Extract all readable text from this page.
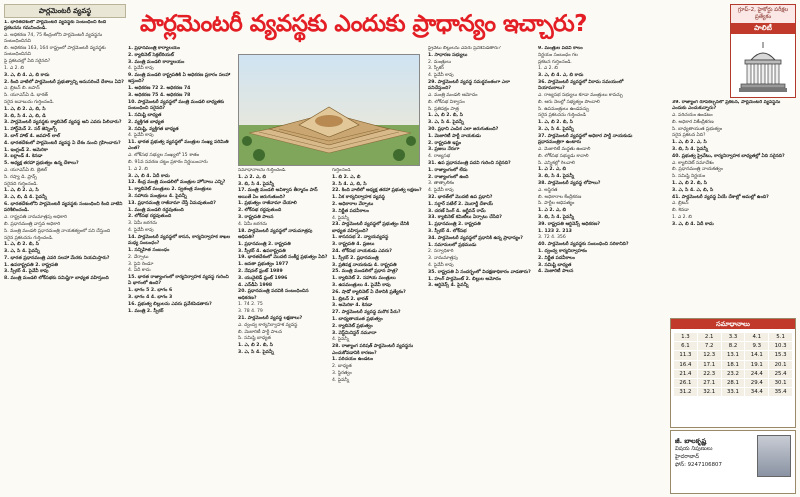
పార్లమెంటరీ వ్యవస్థ	పార్లమెంటరీ వ్యవస్థకు ఎందుకు ప్రాధాన్యం ఇచ్చారు?
గ్రూప్-2, హైకోర్టు పరీక్షల ప్రత్యేకం
పాలిటీ

1. భారతదేశంలో పార్లమెంటరీ వ్యవస్థకు సంబంధించి కింది ప్రకటనను గమనించండి.

ఎ. అధికరణ 74, 75 కేంద్రంలోని పార్లమెంటరీ వ్యవస్థను సంబంధించినవి

బి. అధికరణ 163, 164 రాష్ట్రంలో పార్లమెంటరీ వ్యవస్థకు సంబంధించినవి

పై ప్రకటనల్లో ఏది సరైనది?

1. ఎ 2. బి

3. ఎ, బి 4. ఎ, బి కాదు

2. కింది వాటిలో పార్లమెంటరీ ప్రభుత్వాన్ని అనుసరించే దేశాలు ఏవి?

ఎ. బ్రిటన్ బి. జపాన్

సి. యూఎస్ఏ డి. భారత్

సరైన జవాబును గుర్తించండి.

1. ఎ, బి 2. ఎ, బి, సి

3. బి, సి 4. ఎ, బి, డి

3. పార్లమెంటరీ వ్యవస్థకు క్యాబినెట్ వ్యవస్థ అని ఎవరు పిలిచారు?

1. హార్డ్‌మెన్ 2. సర్ జెన్నింగ్స్

3. బాగ్ హాట్ 4. జవహర్ లాల్

4. భారతదేశంలో పార్లమెంటరీ వ్యవస్థ ఏ దేశం నుంచి గ్రహించారు?

1. ఇంగ్లండ్ 2. అమెరికా

3. ఐర్లాండ్ 4. కెనడా

5. అధ్యక్ష తరహా ప్రభుత్వం ఉన్న దేశాలు?

ఎ. యూఎస్ఏ బి. బ్రెజిల్

సి. రష్యా డి. ఫ్రాన్స్

సరైనది గుర్తించండి.

1. ఎ, బి 2. ఎ, సి

3. ఎ, బి, డి 4. పైవన్నీ

6. భారతదేశంలోని పార్లమెంటరీ వ్యవస్థకు సంబంధించి కింది వాటిని పరిశీలించండి.

ఎ. రాష్ట్రపతి నామమాత్రపు అధికారి

బి. ప్రధానమంత్రి వాస్తవ అధికారి

సి. మంత్రి మండలి ప్రధానమంత్రి నాయకత్వంలో పని చేస్తుంది

సరైన ప్రకటనను గుర్తించండి.

1. ఎ, బి 2. బి, సి

3. ఎ, సి 4. పైవన్నీ

7. భారత ప్రధానమంత్రి ఎవరి సలహా మేరకు నియమిస్తారు?

1. ఉపరాష్ట్రపతి 2. రాష్ట్రపతి

3. స్పీకర్ 4. పైవేవీ కావు

8. మంత్రి మండలి లోక్‌సభకు సమిష్టిగా బాధ్యత వహిస్తుంది

1. ప్రధానమంత్రి కార్యాలయం

2. క్యాబినెట్ సెక్రటేరియట్

3. మంత్రి మండలి కార్యాలయం

4. పైవేవీ కావు

9. మంత్రి మండలి రాష్ట్రపతికి ఏ అధికరణ ప్రకారం సలహా ఇస్తుంది?

1. అధికరణ 72 2. అధికరణ 74

3. అధికరణ 75 4. అధికరణ 78

10. పార్లమెంటరీ వ్యవస్థలో మంత్రి మండలి బాధ్యతకు సంబంధించి సరైనది?

1. సమిష్టి బాధ్యత

2. వ్యక్తిగత బాధ్యత

3. సమిష్టి, వ్యక్తిగత బాధ్యత

4. పైవేవీ కావు

11. భారత ప్రభుత్వ వ్యవస్థలో మంత్రుల సంఖ్య పరిమితి ఎంత?

ఎ. లోక్‌సభ సభ్యుల సంఖ్యలో 15 శాతం

బి. 91వ సవరణ చట్టం ప్రకారం నిర్ణయించారు

1. ఎ 2. బి

3. ఎ, బి 4. ఏదీ కాదు

12. కేంద్ర మంత్రి మండలిలో మంత్రుల హోదాలు ఎన్ని?

1. క్యాబినెట్ మంత్రులు 2. స్వతంత్ర మంత్రులు

3. సహాయ మంత్రులు 4. పైవన్నీ

13. ప్రధానమంత్రి రాజీనామా చేస్తే ఏమవుతుంది?

1. మంత్రి మండలి రద్దవుతుంది

2. లోక్‌సభ రద్దవుతుంది

3. ఏమీ జరగదు

4. పైవేవీ కావు

14. పార్లమెంటరీ వ్యవస్థలో శాసన, కార్యనిర్వాహక శాఖల మధ్య సంబంధం?

1. సన్నిహిత సంబంధం

2. వేర్పాటు

3. పైవి రెండూ

4. ఏదీ కాదు

15. భారత రాజ్యాంగంలో కార్యనిర్వాహక వ్యవస్థ గురించి ఏ భాగంలో ఉంది?

1. భాగం 5 2. భాగం 6

3. భాగం 4 4. భాగం 3

16. ప్రభుత్వ బిల్లులను ఎవరు ప్రవేశపెడతారు?

1. మంత్రి 2. స్పీకర్

సమాధానాలను గుర్తించండి.

1. ఎ 2. ఎ, బి

3. బి, సి 4. పైవన్నీ

17. మంత్రి మండలి అవిశ్వాస తీర్మానం పాస్ అయితే ఏం జరుగుతుంది?

1. ప్రభుత్వం రాజీనామా చేయాలి

2. లోక్‌సభ రద్దవుతుంది

3. రాష్ట్రపతి పాలన

4. ఏమీ జరగదు

18. పార్లమెంటరీ వ్యవస్థలో నామమాత్రపు అధిపతి?

1. ప్రధానమంత్రి 2. రాష్ట్రపతి

3. స్పీకర్ 4. ఉపరాష్ట్రపతి

19. భారతదేశంలో మొదటి సంకీర్ణ ప్రభుత్వం ఏది?

1. జనతా ప్రభుత్వం 1977

2. నేషనల్ ఫ్రంట్ 1989

3. యునైటెడ్ ఫ్రంట్ 1996

4. ఎన్‌డీఏ 1998

20. ప్రధానమంత్రి పదవికి సంబంధించిన అధికరణ?

1. 74 2. 75

3. 78 4. 79

21. పార్లమెంటరీ వ్యవస్థ లక్షణాలు?

ఎ. ద్వంద్వ కార్యనిర్వాహక వ్యవస్థ

బి. మెజారిటీ పార్టీ పాలన

సి. సమిష్టి బాధ్యత

1. ఎ, బి 2. బి, సి

3. ఎ, సి 4. పైవన్నీ

గుర్తించండి

1. బి 2. ఎ, బి

3. సి 4. ఎ, బి, సి

22. కింది వాటిలో అధ్యక్ష తరహా ప్రభుత్వ లక్షణం?

1. ఏక కార్యనిర్వాహక వ్యవస్థ

2. అధికారాల వేర్పాటు

3. నిర్ణీత పదవీకాలం

4. పైవన్నీ

23. పార్లమెంటరీ వ్యవస్థలో ప్రభుత్వం దేనికి బాధ్యత వహిస్తుంది?

1. శాసనసభ 2. న్యాయవ్యవస్థ

3. రాష్ట్రపతి 4. ప్రజలు

24. లోక్‌సభ నాయకుడు ఎవరు?

1. స్పీకర్ 2. ప్రధానమంత్రి

3. ప్రతిపక్ష నాయకుడు 4. రాష్ట్రపతి

25. మంత్రి మండలిలో ప్రధాన పాత్ర?

1. క్యాబినెట్ 2. సహాయ మంత్రులు

3. ఉపమంత్రులు 4. పైవేవీ కావు

26. షాడో క్యాబినెట్ ఏ దేశానికి ప్రత్యేకం?

1. బ్రిటన్ 2. భారత్

3. అమెరికా 4. కెనడా

27. పార్లమెంటరీ వ్యవస్థ మరొక పేరు?

1. బాధ్యతాయుత ప్రభుత్వం

2. క్యాబినెట్ ప్రభుత్వం

3. వెస్ట్‌మినిస్టర్ నమూనా

4. పైవన్నీ

28. రాజ్యాంగ పరిషత్ పార్లమెంటరీ వ్యవస్థను ఎంచుకోవడానికి కారణం?

1. పరిచయం ఉండటం

2. బాధ్యత

3. స్థిరత్వం

4. పైవన్నీ

ప్రైవేటు బిల్లులను ఎవరు ప్రవేశపెడతారు?

1. సాధారణ సభ్యులు

2. మంత్రులు

3. స్పీకర్

4. పైవేవీ కావు

29. పార్లమెంటరీ వ్యవస్థ సమర్థవంతంగా ఎలా పనిచేస్తుంది?

ఎ. మంత్రి మండలి ఆమోదం

బి. లోక్‌సభ విశ్వాసం

సి. ప్రతిపక్షం పాత్ర

1. ఎ, బి 2. బి, సి

3. ఎ, సి 4. పైవన్నీ

30. ప్రధాని ఎంపిక ఎలా జరుగుతుంది?

1. మెజారిటీ పార్టీ నాయకుడు

2. రాష్ట్రపతి ఇష్టం

3. ప్రజలు నేరుగా

4. రాజ్యసభ

31. ఉప ప్రధానమంత్రి పదవి గురించి సరైనది?

1. రాజ్యాంగంలో లేదు

2. రాజ్యాంగంలో ఉంది

3. తాత్కాలికం

4. పైవేవీ కావు

32. భారత్‌లో మొదటి ఉప ప్రధాని?

1. సర్దార్ పటేల్ 2. మొరార్జీ దేశాయ్

3. చరణ్ సింగ్ 4. జగ్జీవన్ రామ్

33. క్యాబినెట్ కమిటీలు ఏర్పాటు చేసేది?

1. ప్రధానమంత్రి 2. రాష్ట్రపతి

3. స్పీకర్ 4. లోక్‌సభ

34. పార్లమెంటరీ వ్యవస్థలో ప్రధానికి ఉన్న ప్రాధాన్యం?

1. సమానులలో ప్రథముడు

2. సర్వాధికారి

3. నామమాత్రపు

4. పైవేవీ కావు

35. రాష్ట్రపతి ఏ సందర్భంలో విచక్షణాధికారం వాడతారు?

1. హంగ్ పార్లమెంట్ 2. బిల్లుల ఆమోదం

3. ఆర్డినెన్స్ 4. పైవన్నీ

9. మంత్రుల పదవి కాలం

నిర్ణయం సంబంధం గల

ప్రకటన గుర్తించండి.

1. ఎ 2. బి

3. ఎ, బి 4. ఎ, బి కాదు

36. పార్లమెంటరీ వ్యవస్థలో విరామ సమయంలో నియామకాలు?

ఎ. రాజ్యసభ సభ్యులు కూడా మంత్రులు కావచ్చు

బి. ఆరు నెలల్లో సభ్యత్వం పొందాలి

సి. ఉపమంత్రులు ఉండవచ్చు

సరైన ప్రకటనను గుర్తించండి

1. ఎ, బి 2. బి, సి

3. ఎ, సి 4. పైవన్నీ

37. పార్లమెంటరీ వ్యవస్థలో అధికార పార్టీ నాయకుడు ప్రధానమంత్రిగా ఉంటారు

ఎ. మెజారిటీ మద్దతు ఉండాలి

బి. లోక్‌సభ సభ్యుడు కావాలి

సి. ఎన్నికల్లో గెలవాలి

1. ఎ 2. ఎ, బి

3. బి, సి 4. పైవన్నీ

38. పార్లమెంటరీ వ్యవస్థ లోపాలు?

ఎ. అస్థిరత

బి. అధికారాల కేంద్రీకరణ

సి. పార్టీల ఆధిపత్యం

1. ఎ 2. ఎ, బి

3. బి, సి 4. పైవన్నీ

39. రాష్ట్రపతి ఆర్డినెన్స్ అధికరణ?

1. 123 2. 213

3. 72 4. 356

40. పార్లమెంటరీ వ్యవస్థకు సంబంధించి సరికానిది?

1. ద్వంద్వ కార్యనిర్వాహకం

2. నిర్ణీత పదవీకాలం

3. సమిష్టి బాధ్యత

4. మెజారిటీ పాలన

39. రాజ్యాంగ రూపకల్పనలో ప్రకటన, పార్లమెంటరీ వ్యవస్థను ఎందుకు ఎంచుకున్నారు?

ఎ. పరిచయం ఉండటం

బి. అధికార వికేంద్రీకరణ

సి. బాధ్యతాయుత ప్రభుత్వం

సరైన ప్రకటన ఏది?

1. ఎ, బి 2. ఎ, సి

3. బి, సి 4. పైవన్నీ

40. ప్రభుత్వ ప్రైవేటు, కార్యనిర్వాహక బాధ్యతల్లో ఏది సరైనది?

ఎ. క్యాబినెట్ సమావేశం

బి. ప్రధానమంత్రి నాయకత్వం

సి. సమిష్టి నిర్ణయం

1. ఎ, బి 2. బి, సి

3. ఎ, సి 4. ఎ, బి, సి

41. పార్లమెంటరీ వ్యవస్థ ఏయే దేశాల్లో అమల్లో ఉంది?

ఎ. బ్రిటన్

బి. కెనడా

1. ఎ 2. బి

3. ఎ, బి 4. ఏదీ కాదు

సమాధానాలు
1.3	2.1	3.3	4.1	5.1
6.1	7.2	8.2	9.3	10.3
11.3	12.3	13.1	14.1	15.3
16.4	17.1	18.1	19.1	20.1
21.4	22.3	23.2	24.4	25.4
26.1	27.1	28.1	29.4	30.1
31.2	32.1	33.1	34.4	35.4
జీ. బాలకృష్ణ
విషయ నిపుణులు
హైదరాబాద్
ఫోన్: 9247106807
